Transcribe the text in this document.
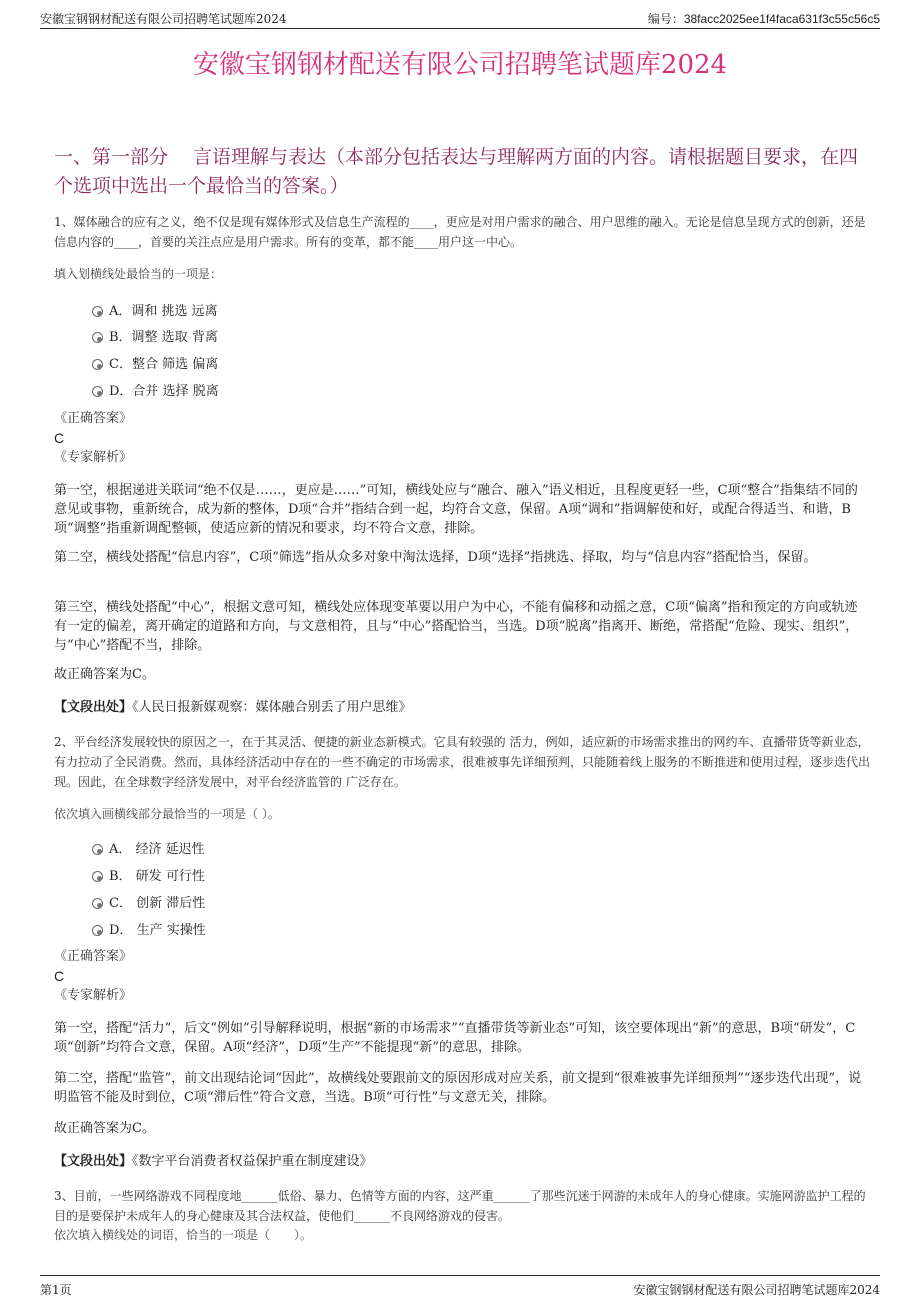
安徽宝钢钢材配送有限公司招聘笔试题库2024	编号：38facc2025ee1f4faca631f3c55c56c5
安徽宝钢钢材配送有限公司招聘笔试题库2024
一、第一部分　 言语理解与表达（本部分包括表达与理解两方面的内容。请根据题目要求，在四个选项中选出一个最恰当的答案。）
1、媒体融合的应有之义，绝不仅是现有媒体形式及信息生产流程的____，更应是对用户需求的融合、用户思维的融入。无论是信息呈现方式的创新，还是信息内容的____，首要的关注点应是用户需求。所有的变革，都不能____用户这一中心。
填入划横线处最恰当的一项是：
A．调和 挑选 远离
B．调整 选取 背离
C．整合 筛选 偏离
D．合并 选择 脱离
《正确答案》
C
《专家解析》
第一空，根据递进关联词“绝不仅是……，更应是……”可知，横线处应与“融合、融入”语义相近，且程度更轻一些，C项“整合”指集结不同的意见或事物，重新统合，成为新的整体，D项“合并”指结合到一起，均符合文意，保留。A项“调和”指调解使和好，或配合得适当、和谐，B项“调整”指重新调配整顿，使适应新的情况和要求，均不符合文意，排除。
第二空，横线处搭配“信息内容”，C项“筛选”指从众多对象中淘汰选择，D项“选择”指挑选、择取，均与“信息内容”搭配恰当，保留。
第三空，横线处搭配“中心”，根据文意可知，横线处应体现变革要以用户为中心，不能有偏移和动摇之意，C项“偏离”指和预定的方向或轨迹有一定的偏差，离开确定的道路和方向，与文意相符，且与“中心”搭配恰当，当选。D项“脱离”指离开、断绝，常搭配“危险、现实、组织”，与“中心”搭配不当，排除。
故正确答案为C。
【文段出处】《人民日报新媒观察：媒体融合别丢了用户思维》
2、平台经济发展较快的原因之一，在于其灵活、便捷的新业态新模式。它具有较强的 活力，例如，适应新的市场需求推出的网约车、直播带货等新业态，有力拉动了全民消费。然而，具体经济活动中存在的一些不确定的市场需求，很难被事先详细预判，只能随着线上服务的不断推进和使用过程，逐步迭代出现。因此，在全球数字经济发展中，对平台经济监管的 广泛存在。
依次填入画横线部分最恰当的一项是（ ）。
A． 经济 延迟性
B． 研发 可行性
C． 创新 滞后性
D． 生产 实操性
《正确答案》
C
《专家解析》
第一空，搭配“活力”，后文“例如”引导解释说明，根据“新的市场需求”“直播带货等新业态”可知，该空要体现出“新”的意思，B项“研发”，C项“创新”均符合文意，保留。A项“经济”，D项“生产”不能提现“新”的意思，排除。
第二空，搭配“监管”，前文出现结论词“因此”，故横线处要跟前文的原因形成对应关系，前文提到“很难被事先详细预判”“逐步迭代出现”，说明监管不能及时到位，C项“滞后性”符合文意，当选。B项“可行性”与文意无关，排除。
故正确答案为C。
【文段出处】《数字平台消费者权益保护重在制度建设》
3、目前，一些网络游戏不同程度地______低俗、暴力、色情等方面的内容，这严重______了那些沉迷于网游的未成年人的身心健康。实施网游监护工程的目的是要保护未成年人的身心健康及其合法权益，使他们______不良网络游戏的侵害。
依次填入横线处的词语，恰当的一项是（　　）。
第1页	安徽宝钢钢材配送有限公司招聘笔试题库2024
